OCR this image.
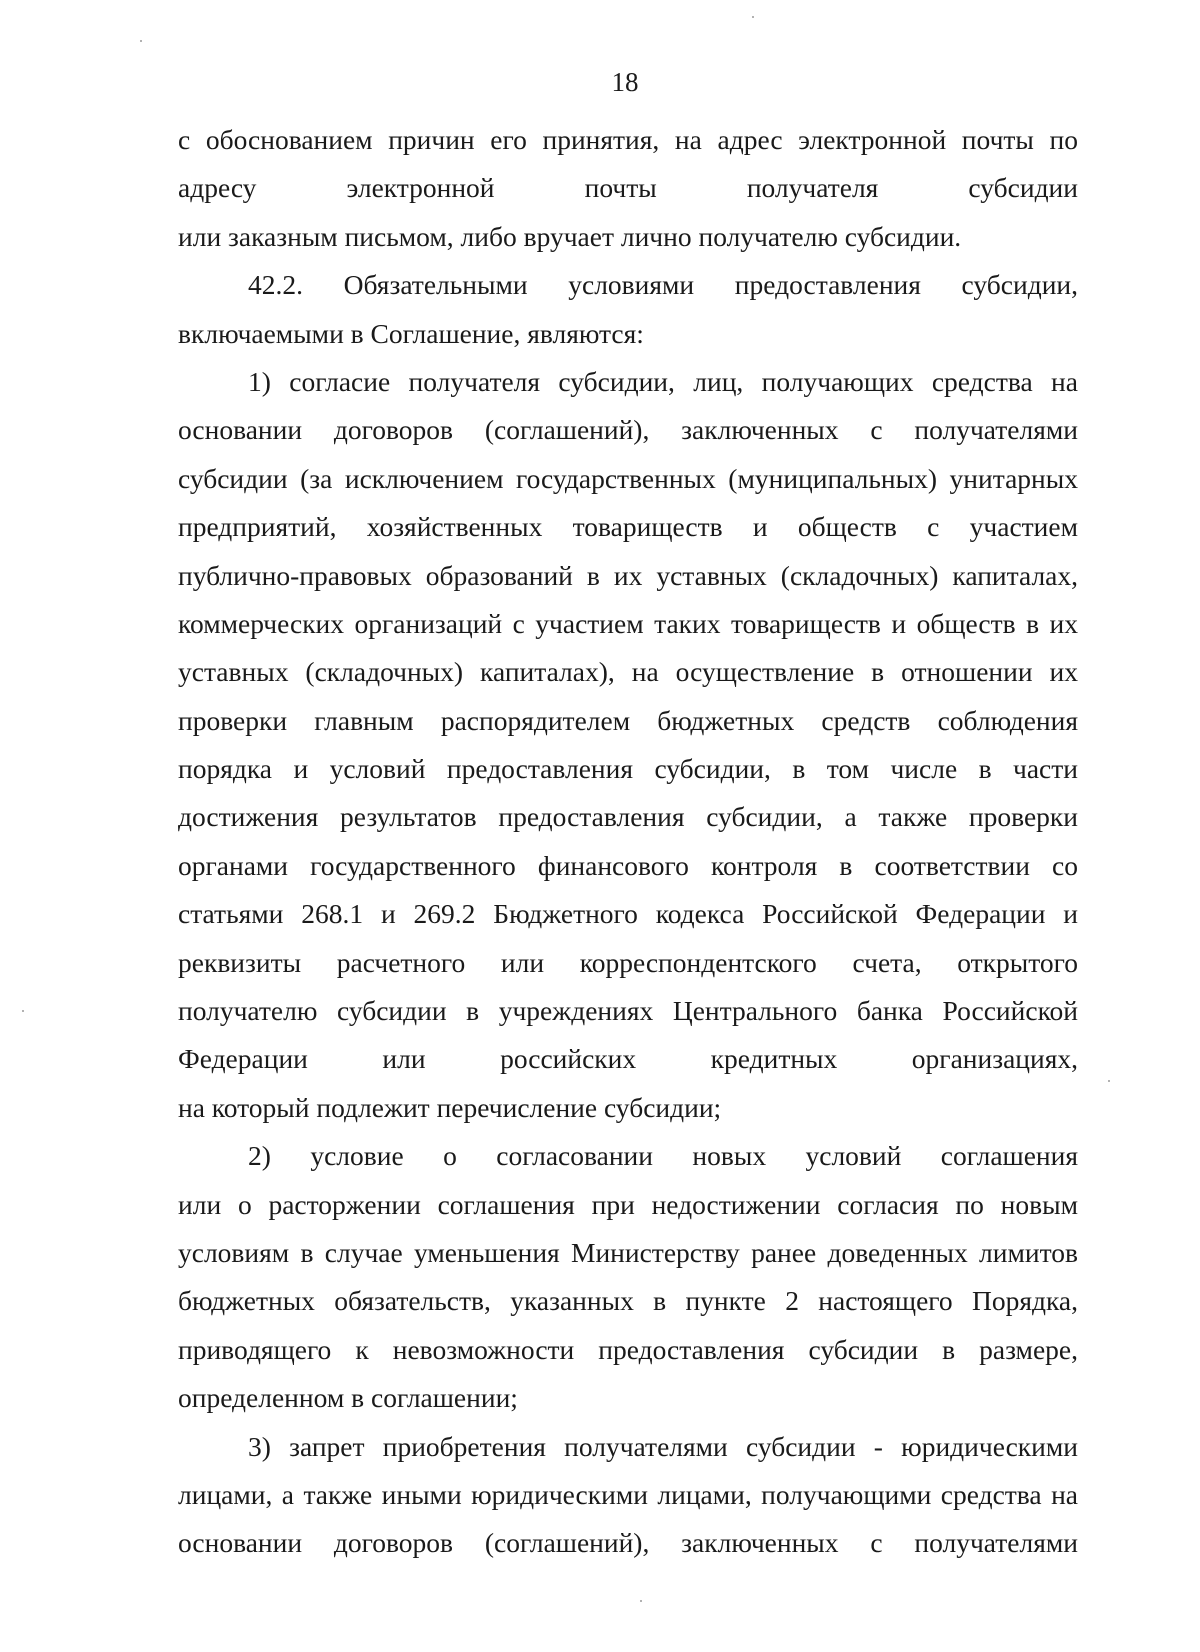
18
с обоснованием причин его принятия, на адрес электронной почты по
адресу электронной почты получателя субсидии
или заказным письмом, либо вручает лично получателю субсидии.
42.2. Обязательными условиями предоставления субсидии,
включаемыми в Соглашение, являются:
1) согласие получателя субсидии, лиц, получающих средства на
основании договоров (соглашений), заключенных с получателями
субсидии (за исключением государственных (муниципальных) унитарных
предприятий, хозяйственных товариществ и обществ с участием
публично-правовых образований в их уставных (складочных) капиталах,
коммерческих организаций с участием таких товариществ и обществ в их
уставных (складочных) капиталах), на осуществление в отношении их
проверки главным распорядителем бюджетных средств соблюдения
порядка и условий предоставления субсидии, в том числе в части
достижения результатов предоставления субсидии, а также проверки
органами государственного финансового контроля в соответствии со
статьями 268.1 и 269.2 Бюджетного кодекса Российской Федерации и
реквизиты расчетного или корреспондентского счета, открытого
получателю субсидии в учреждениях Центрального банка Российской
Федерации или российских кредитных организациях,
на который подлежит перечисление субсидии;
2) условие о согласовании новых условий соглашения
или о расторжении соглашения при недостижении согласия по новым
условиям в случае уменьшения Министерству ранее доведенных лимитов
бюджетных обязательств, указанных в пункте 2 настоящего Порядка,
приводящего к невозможности предоставления субсидии в размере,
определенном в соглашении;
3) запрет приобретения получателями субсидии - юридическими
лицами, а также иными юридическими лицами, получающими средства на
основании договоров (соглашений), заключенных с получателями
